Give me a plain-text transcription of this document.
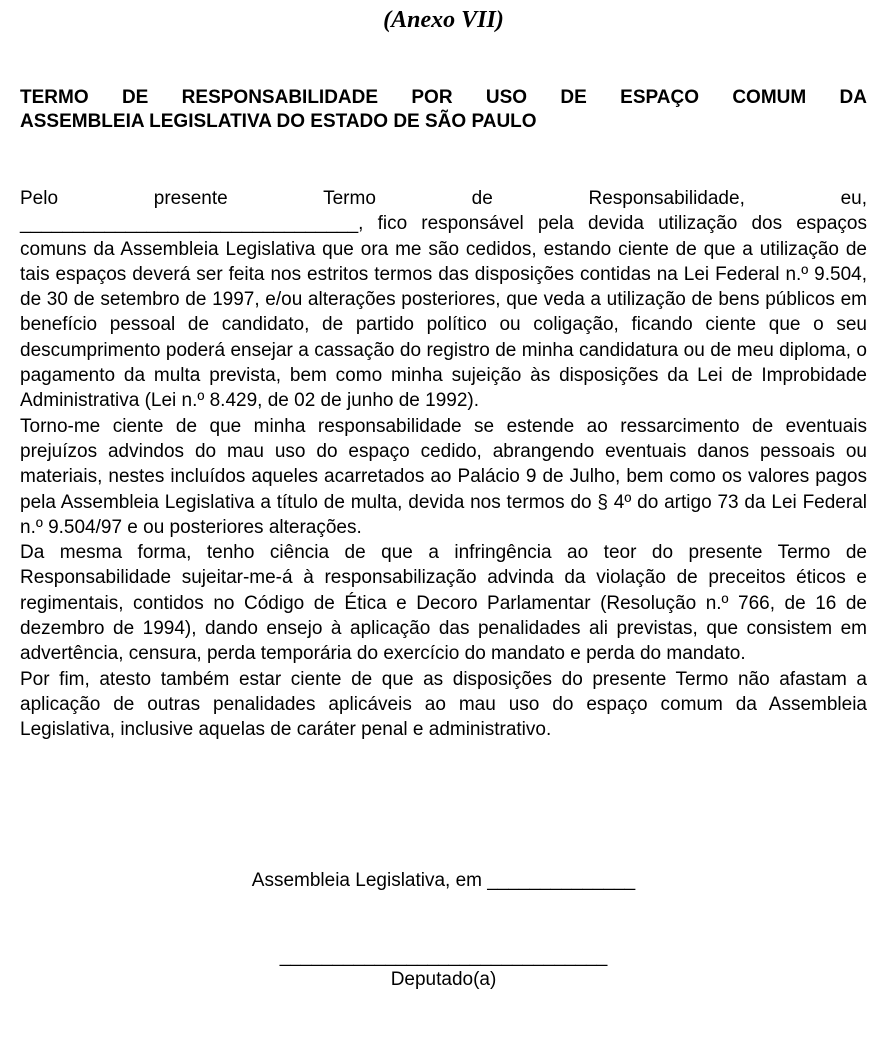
(Anexo VII)

TERMO DE RESPONSABILIDADE POR USO DE ESPAÇO COMUM DA
ASSEMBLEIA LEGISLATIVA DO ESTADO DE SÃO PAULO

Pelo presente Termo de Responsabilidade, eu,
________________________________, fico responsável pela devida utilização dos espaços comuns da Assembleia Legislativa que ora me são cedidos, estando ciente de que a utilização de tais espaços deverá ser feita nos estritos termos das disposições contidas na Lei Federal n.º 9.504, de 30 de setembro de 1997, e/ou alterações posteriores, que veda a utilização de bens públicos em benefício pessoal de candidato, de partido político ou coligação, ficando ciente que o seu descumprimento poderá ensejar a cassação do registro de minha candidatura ou de meu diploma, o pagamento da multa prevista, bem como minha sujeição às disposições da Lei de Improbidade Administrativa (Lei n.º 8.429, de 02 de junho de 1992).

Torno-me ciente de que minha responsabilidade se estende ao ressarcimento de eventuais prejuízos advindos do mau uso do espaço cedido, abrangendo eventuais danos pessoais ou materiais, nestes incluídos aqueles acarretados ao Palácio 9 de Julho, bem como os valores pagos pela Assembleia Legislativa a título de multa, devida nos termos do § 4º do artigo 73 da Lei Federal n.º 9.504/97 e ou posteriores alterações.

Da mesma forma, tenho ciência de que a infringência ao teor do presente Termo de Responsabilidade sujeitar-me-á à responsabilização advinda da violação de preceitos éticos e regimentais, contidos no Código de Ética e Decoro Parlamentar (Resolução n.º 766, de 16 de dezembro de 1994), dando ensejo à aplicação das penalidades ali previstas, que consistem em advertência, censura, perda temporária do exercício do mandato e perda do mandato.

Por fim, atesto também estar ciente de que as disposições do presente Termo não afastam a aplicação de outras penalidades aplicáveis ao mau uso do espaço comum da Assembleia Legislativa, inclusive aquelas de caráter penal e administrativo.

Assembleia Legislativa, em ______________

_______________________________

Deputado(a)
